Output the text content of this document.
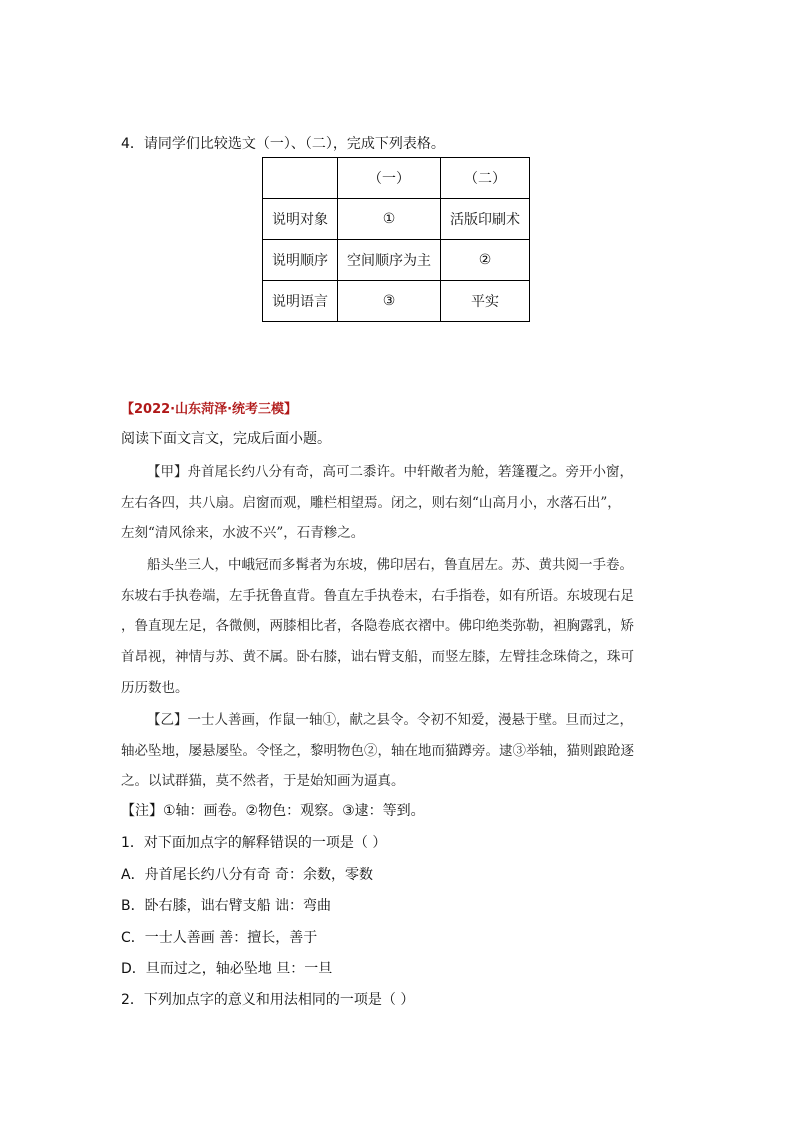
4．请同学们比较选文（一）、（二），完成下列表格。
	（一）	（二）
说明对象	①	活版印刷术
说明顺序	空间顺序为主	②
说明语言	③	平实
【2022·山东菏泽·统考三模】
阅读下面文言文，完成后面小题。
【甲】舟首尾长约八分有奇，高可二黍许。中轩敞者为舱，箬篷覆之。旁开小窗，
左右各四，共八扇。启窗而观，雕栏相望焉。闭之，则右刻“山高月小，水落石出”，
左刻“清风徐来，水波不兴”，石青糁之。
船头坐三人，中峨冠而多髯者为东坡，佛印居右，鲁直居左。苏、黄共阅一手卷。
东坡右手执卷端，左手抚鲁直背。鲁直左手执卷末，右手指卷，如有所语。东坡现右足
，鲁直现左足，各微侧，两膝相比者，各隐卷底衣褶中。佛印绝类弥勒，袒胸露乳，矫
首昂视，神情与苏、黄不属。卧右膝，诎右臂支船，而竖左膝，左臂挂念珠倚之，珠可
历历数也。
【乙】一士人善画，作鼠一轴①，献之县令。令初不知爱，漫悬于壁。旦而过之，
轴必坠地，屡悬屡坠。令怪之，黎明物色②，轴在地而猫蹲旁。逮③举轴，猫则踉跄逐
之。以试群猫，莫不然者，于是始知画为逼真。
【注】①轴：画卷。②物色：观察。③逮：等到。
1．对下面加点字的解释错误的一项是（ ）
A．舟首尾长约八分有奇 奇：余数，零数
B．卧右膝，诎右臂支船 诎：弯曲
C．一士人善画 善：擅长，善于
D．旦而过之，轴必坠地 旦：一旦
2．下列加点字的意义和用法相同的一项是（ ）
